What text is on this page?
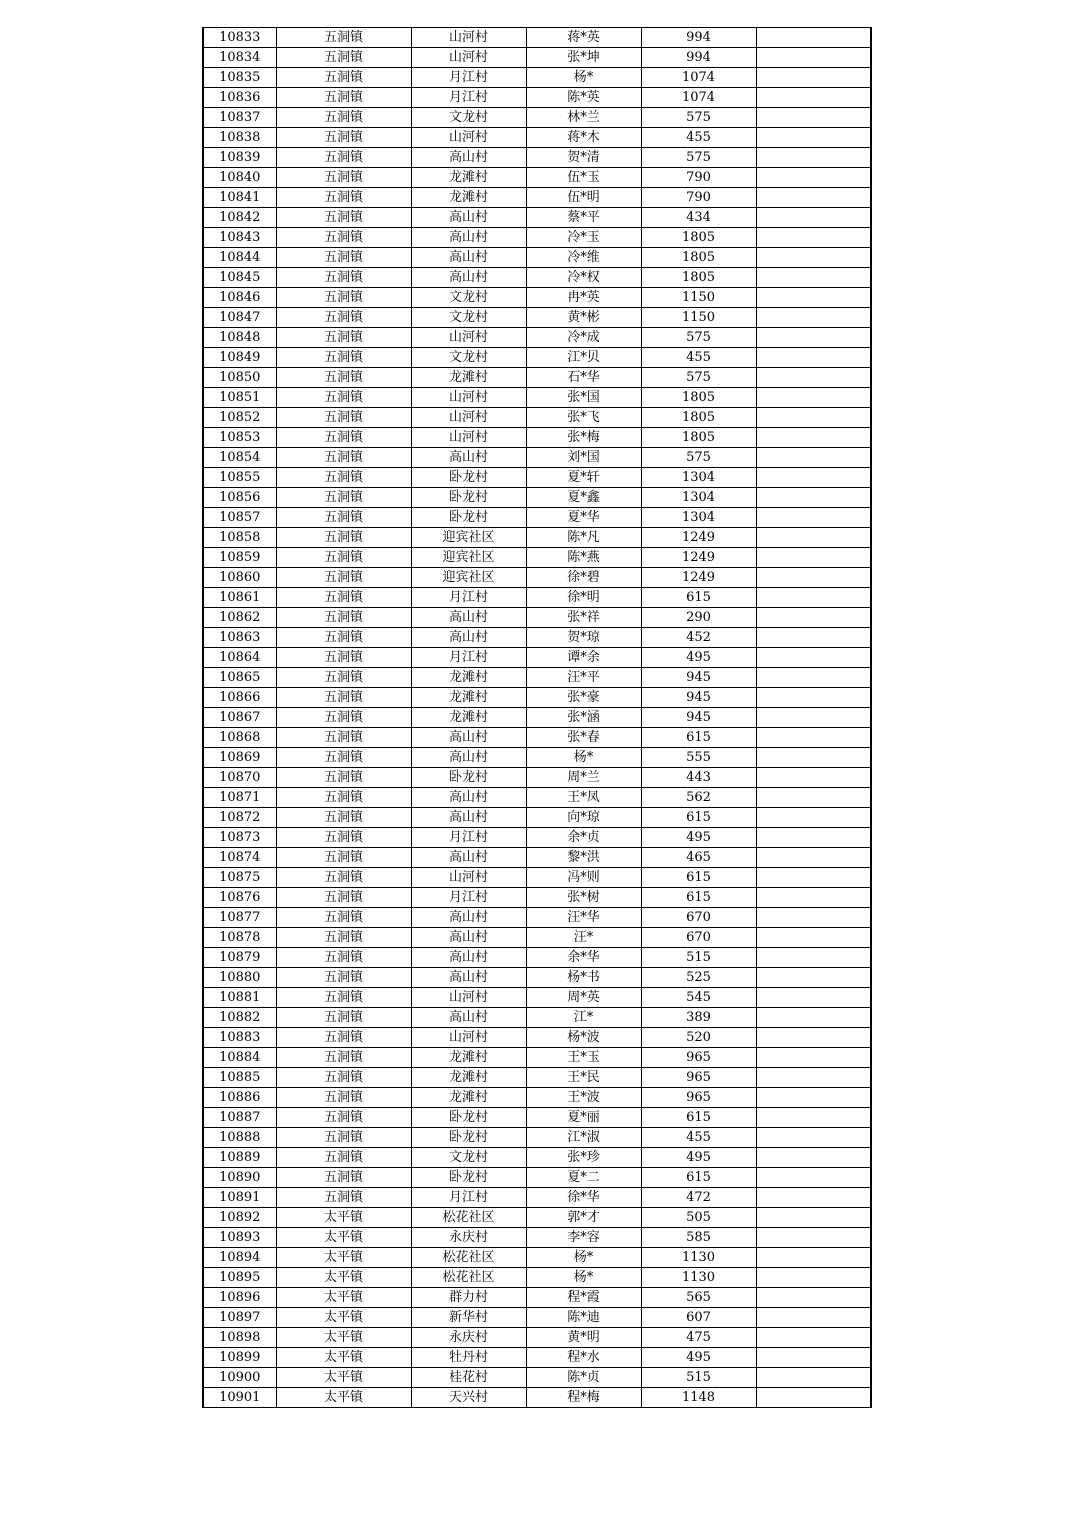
10833	五洞镇	山河村	蒋*英	994	
10834	五洞镇	山河村	张*坤	994	
10835	五洞镇	月江村	杨*	1074	
10836	五洞镇	月江村	陈*英	1074	
10837	五洞镇	文龙村	林*兰	575	
10838	五洞镇	山河村	蒋*木	455	
10839	五洞镇	高山村	贺*清	575	
10840	五洞镇	龙滩村	伍*玉	790	
10841	五洞镇	龙滩村	伍*明	790	
10842	五洞镇	高山村	蔡*平	434	
10843	五洞镇	高山村	冷*玉	1805	
10844	五洞镇	高山村	冷*维	1805	
10845	五洞镇	高山村	冷*权	1805	
10846	五洞镇	文龙村	冉*英	1150	
10847	五洞镇	文龙村	黄*彬	1150	
10848	五洞镇	山河村	冷*成	575	
10849	五洞镇	文龙村	江*贝	455	
10850	五洞镇	龙滩村	石*华	575	
10851	五洞镇	山河村	张*国	1805	
10852	五洞镇	山河村	张*飞	1805	
10853	五洞镇	山河村	张*梅	1805	
10854	五洞镇	高山村	刘*国	575	
10855	五洞镇	卧龙村	夏*轩	1304	
10856	五洞镇	卧龙村	夏*鑫	1304	
10857	五洞镇	卧龙村	夏*华	1304	
10858	五洞镇	迎宾社区	陈*凡	1249	
10859	五洞镇	迎宾社区	陈*燕	1249	
10860	五洞镇	迎宾社区	徐*碧	1249	
10861	五洞镇	月江村	徐*明	615	
10862	五洞镇	高山村	张*祥	290	
10863	五洞镇	高山村	贺*琼	452	
10864	五洞镇	月江村	谭*余	495	
10865	五洞镇	龙滩村	汪*平	945	
10866	五洞镇	龙滩村	张*豪	945	
10867	五洞镇	龙滩村	张*涵	945	
10868	五洞镇	高山村	张*春	615	
10869	五洞镇	高山村	杨*	555	
10870	五洞镇	卧龙村	周*兰	443	
10871	五洞镇	高山村	王*凤	562	
10872	五洞镇	高山村	向*琼	615	
10873	五洞镇	月江村	余*贞	495	
10874	五洞镇	高山村	黎*洪	465	
10875	五洞镇	山河村	冯*则	615	
10876	五洞镇	月江村	张*树	615	
10877	五洞镇	高山村	汪*华	670	
10878	五洞镇	高山村	汪*	670	
10879	五洞镇	高山村	余*华	515	
10880	五洞镇	高山村	杨*书	525	
10881	五洞镇	山河村	周*英	545	
10882	五洞镇	高山村	江*	389	
10883	五洞镇	山河村	杨*波	520	
10884	五洞镇	龙滩村	王*玉	965	
10885	五洞镇	龙滩村	王*民	965	
10886	五洞镇	龙滩村	王*波	965	
10887	五洞镇	卧龙村	夏*丽	615	
10888	五洞镇	卧龙村	江*淑	455	
10889	五洞镇	文龙村	张*珍	495	
10890	五洞镇	卧龙村	夏*二	615	
10891	五洞镇	月江村	徐*华	472	
10892	太平镇	松花社区	郭*才	505	
10893	太平镇	永庆村	李*容	585	
10894	太平镇	松花社区	杨*	1130	
10895	太平镇	松花社区	杨*	1130	
10896	太平镇	群力村	程*霞	565	
10897	太平镇	新华村	陈*迪	607	
10898	太平镇	永庆村	黄*明	475	
10899	太平镇	牡丹村	程*水	495	
10900	太平镇	桂花村	陈*贞	515	
10901	太平镇	天兴村	程*梅	1148	
